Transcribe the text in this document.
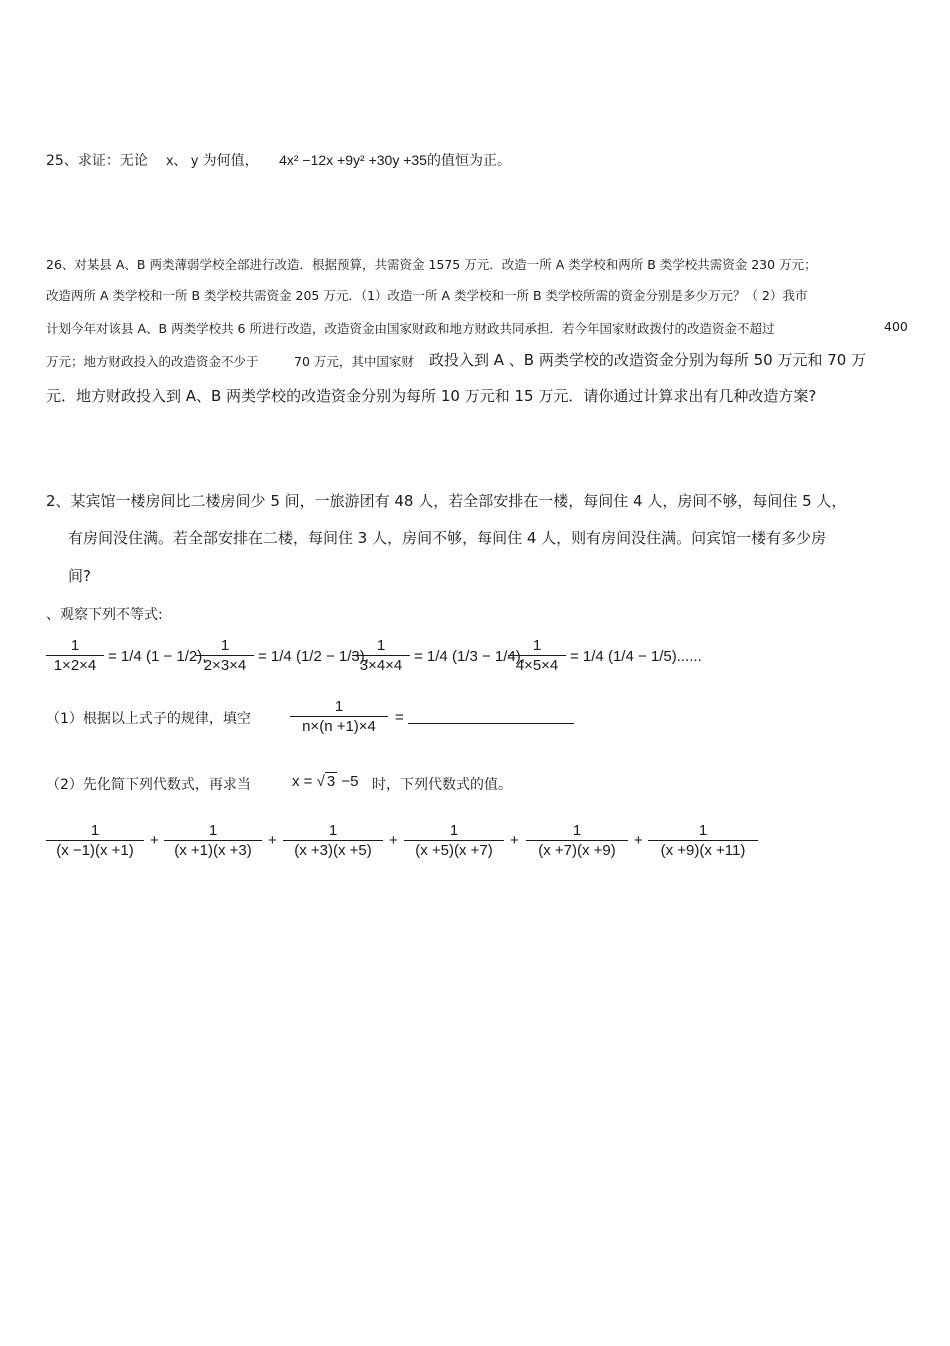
25、求证：无论 x、 y 为何值， 4x² −12x +9y² +30y +35的值恒为正。
26、对某县 A、B 两类薄弱学校全部进行改造．根据预算，共需资金 1575 万元．改造一所 A 类学校和两所 B 类学校共需资金 230 万元；
改造两所 A 类学校和一所 B 类学校共需资金 205 万元．（1）改造一所 A 类学校和一所 B 类学校所需的资金分别是多少万元？（ 2）我市
计划今年对该县 A、B 两类学校共 6 所进行改造，改造资金由国家财政和地方财政共同承担．若今年国家财政拨付的改造资金不超过	400
万元；地方财政投入的改造资金不少于	70 万元，其中国家财 政投入到 A 、B 两类学校的改造资金分别为每所 50 万元和 70 万
元．地方财政投入到 A、B 两类学校的改造资金分别为每所 10 万元和 15 万元．请你通过计算求出有几种改造方案?
2、某宾馆一楼房间比二楼房间少 5 间，一旅游团有 48 人，若全部安排在一楼，每间住 4 人，房间不够，每间住 5 人，
有房间没住满。若全部安排在二楼，每间住 3 人，房间不够，每间住 4 人，则有房间没住满。问宾馆一楼有多少房
间?
、观察下列不等式:
1
1×2×4
= 1/4 (1 − 1/2),
1
2×3×4
= 1/4 (1/2 − 1/3),
1
3×4×4
= 1/4 (1/3 − 1/4),
1
4×5×4
= 1/4 (1/4 − 1/5)......
（1）根据以上式子的规律，填空
1
n×(n +1)×4
=
（2）先化简下列代数式，再求当	x = √ 3 −5 时，下列代数式的值。
1
(x −1)(x +1)
+
1
(x +1)(x +3)
+
1
(x +3)(x +5)
+
1
(x +5)(x +7)
+
1
(x +7)(x +9)
+
1
(x +9)(x +11)
